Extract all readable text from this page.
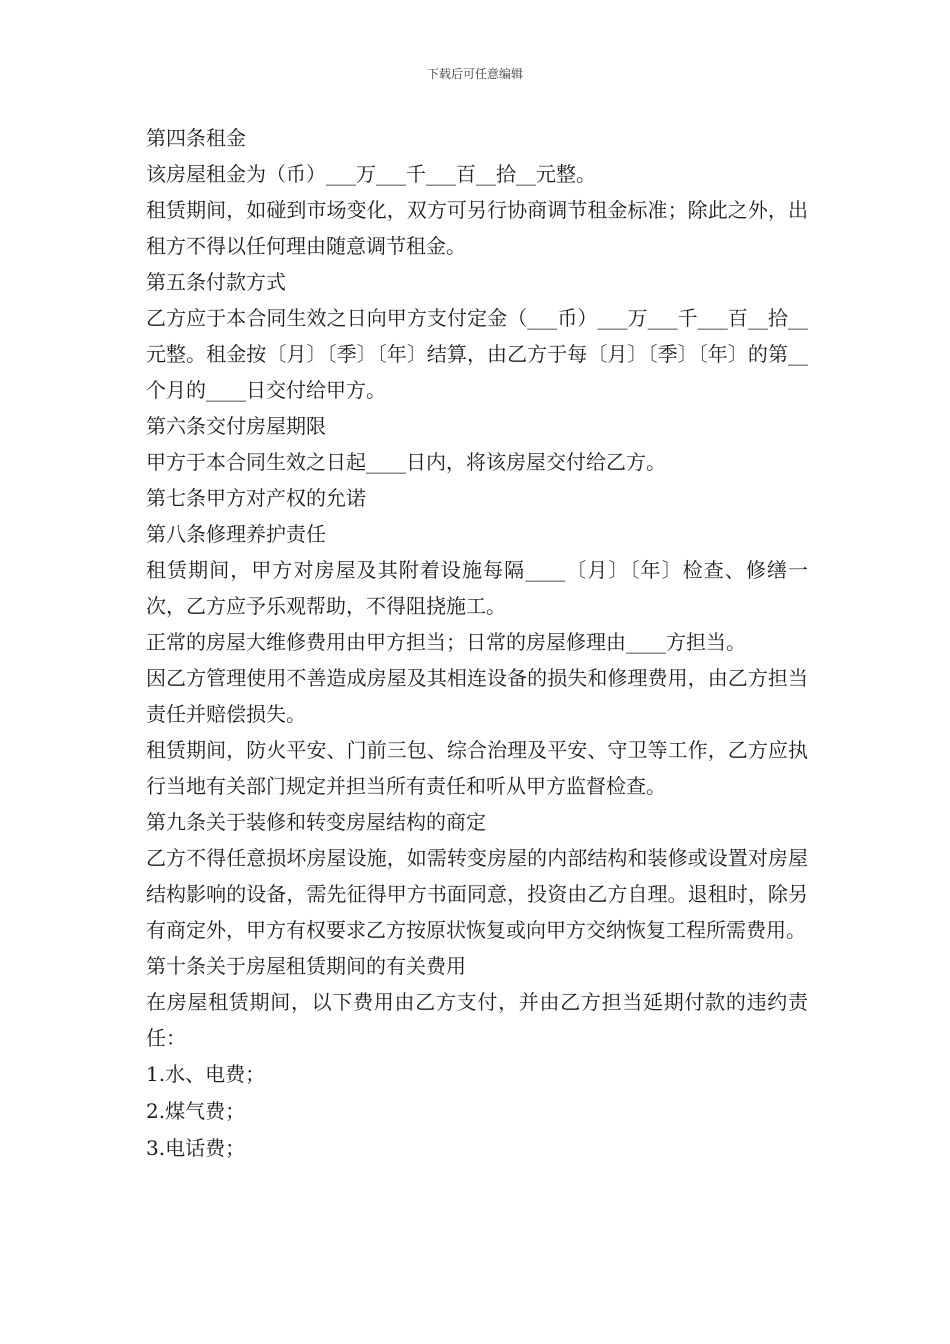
下载后可任意编辑

第四条租金

该房屋租金为（币）___万___千___百__拾__元整。

租赁期间，如碰到市场变化，双方可另行协商调节租金标准；除此之外，出租方不得以任何理由随意调节租金。

第五条付款方式

乙方应于本合同生效之日向甲方支付定金（___币）___万___千___百__拾__元整。租金按〔月〕〔季〕〔年〕结算，由乙方于每〔月〕〔季〕〔年〕的第__个月的____日交付给甲方。

第六条交付房屋期限

甲方于本合同生效之日起____日内，将该房屋交付给乙方。

第七条甲方对产权的允诺

第八条修理养护责任

租赁期间，甲方对房屋及其附着设施每隔____〔月〕〔年〕检查、修缮一次，乙方应予乐观帮助，不得阻挠施工。

正常的房屋大维修费用由甲方担当；日常的房屋修理由____方担当。

因乙方管理使用不善造成房屋及其相连设备的损失和修理费用，由乙方担当责任并赔偿损失。

租赁期间，防火平安、门前三包、综合治理及平安、守卫等工作，乙方应执行当地有关部门规定并担当所有责任和听从甲方监督检查。

第九条关于装修和转变房屋结构的商定

乙方不得任意损坏房屋设施，如需转变房屋的内部结构和装修或设置对房屋结构影响的设备，需先征得甲方书面同意，投资由乙方自理。退租时，除另有商定外，甲方有权要求乙方按原状恢复或向甲方交纳恢复工程所需费用。

第十条关于房屋租赁期间的有关费用

在房屋租赁期间，以下费用由乙方支付，并由乙方担当延期付款的违约责任：

1.水、电费；

2.煤气费；

3.电话费；
